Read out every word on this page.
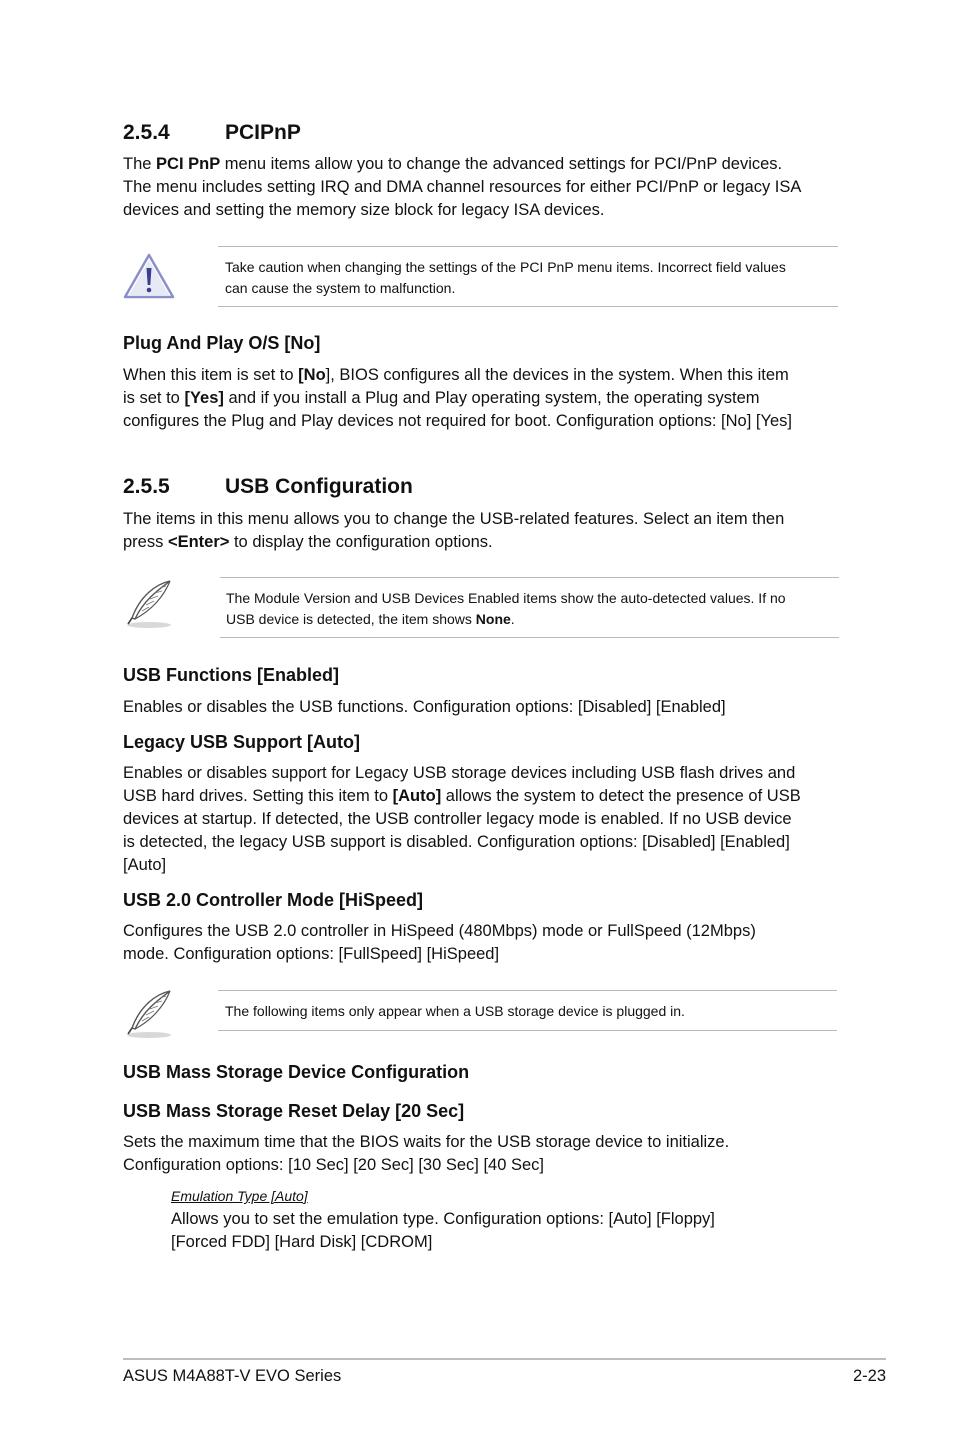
2.5.4	PCIPnP
The PCI PnP menu items allow you to change the advanced settings for PCI/PnP devices.
The menu includes setting IRQ and DMA channel resources for either PCI/PnP or legacy ISA
devices and setting the memory size block for legacy ISA devices.
Take caution when changing the settings of the PCI PnP menu items. Incorrect field values
can cause the system to malfunction.
Plug And Play O/S [No]
When this item is set to [No], BIOS configures all the devices in the system. When this item
is set to [Yes] and if you install a Plug and Play operating system, the operating system
configures the Plug and Play devices not required for boot. Configuration options: [No] [Yes]
2.5.5	USB Configuration
The items in this menu allows you to change the USB-related features. Select an item then
press <Enter> to display the configuration options.
The Module Version and USB Devices Enabled items show the auto-detected values. If no
USB device is detected, the item shows None.
USB Functions [Enabled]
Enables or disables the USB functions. Configuration options: [Disabled] [Enabled]
Legacy USB Support [Auto]
Enables or disables support for Legacy USB storage devices including USB flash drives and
USB hard drives. Setting this item to [Auto] allows the system to detect the presence of USB
devices at startup. If detected, the USB controller legacy mode is enabled. If no USB device
is detected, the legacy USB support is disabled. Configuration options: [Disabled] [Enabled]
[Auto]
USB 2.0 Controller Mode [HiSpeed]
Configures the USB 2.0 controller in HiSpeed (480Mbps) mode or FullSpeed (12Mbps)
mode. Configuration options: [FullSpeed] [HiSpeed]
The following items only appear when a USB storage device is plugged in.
USB Mass Storage Device Configuration
USB Mass Storage Reset Delay [20 Sec]
Sets the maximum time that the BIOS waits for the USB storage device to initialize.
Configuration options: [10 Sec] [20 Sec] [30 Sec] [40 Sec]
Emulation Type [Auto]
Allows you to set the emulation type. Configuration options: [Auto] [Floppy]
[Forced FDD] [Hard Disk] [CDROM]
ASUS M4A88T-V EVO Series	2-23
